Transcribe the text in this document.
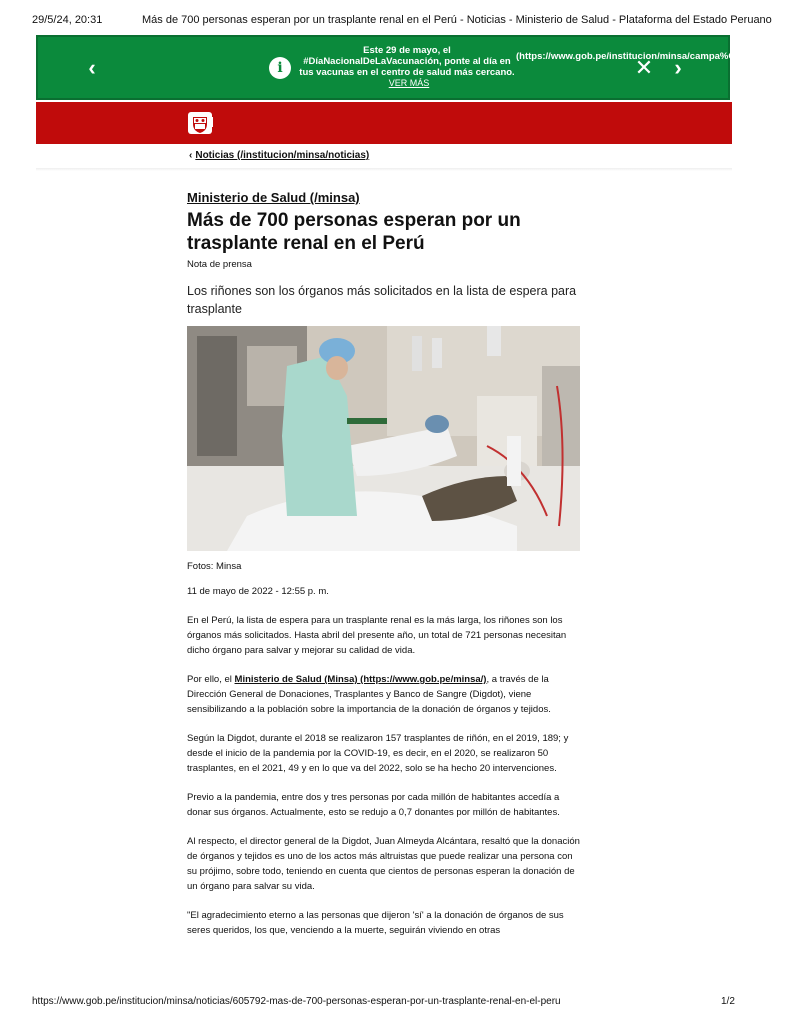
29/5/24, 20:31	Más de 700 personas esperan por un trasplante renal en el Perú - Noticias - Ministerio de Salud - Plataforma del Estado Peruano
‹	i
Este 29 de mayo, el #DíaNacionalDeLaVacunación, ponte al día en tus vacunas en el centro de salud más cercano. VER MÁS
(https://www.gob.pe/institucion/minsa/campa%C3%B1as/13215)
✕ ›
‹ Noticias (/institucion/minsa/noticias)

Ministerio de Salud (/minsa)

Más de 700 personas esperan por un trasplante renal en el Perú
Nota de prensa
Los riñones son los órganos más solicitados en la lista de espera para trasplante
Fotos: Minsa
11 de mayo de 2022 - 12:55 p. m.

En el Perú, la lista de espera para un trasplante renal es la más larga, los riñones son los órganos más solicitados. Hasta abril del presente año, un total de 721 personas necesitan dicho órgano para salvar y mejorar su calidad de vida.

Por ello, el Ministerio de Salud (Minsa) (https://www.gob.pe/minsa/), a través de la Dirección General de Donaciones, Trasplantes y Banco de Sangre (Digdot), viene sensibilizando a la población sobre la importancia de la donación de órganos y tejidos.

Según la Digdot, durante el 2018 se realizaron 157 trasplantes de riñón, en el 2019, 189; y desde el inicio de la pandemia por la COVID-19, es decir, en el 2020, se realizaron 50 trasplantes, en el 2021, 49 y en lo que va del 2022, solo se ha hecho 20 intervenciones.

Previo a la pandemia, entre dos y tres personas por cada millón de habitantes accedía a donar sus órganos. Actualmente, esto se redujo a 0,7 donantes por millón de habitantes.

Al respecto, el director general de la Digdot, Juan Almeyda Alcántara, resaltó que la donación de órganos y tejidos es uno de los actos más altruistas que puede realizar una persona con su prójimo, sobre todo, teniendo en cuenta que cientos de personas esperan la donación de un órgano para salvar su vida.

"El agradecimiento eterno a las personas que dijeron 'sí' a la donación de órganos de sus seres queridos, los que, venciendo a la muerte, seguirán viviendo en otras

https://www.gob.pe/institucion/minsa/noticias/605792-mas-de-700-personas-esperan-por-un-trasplante-renal-en-el-peru	1/2
